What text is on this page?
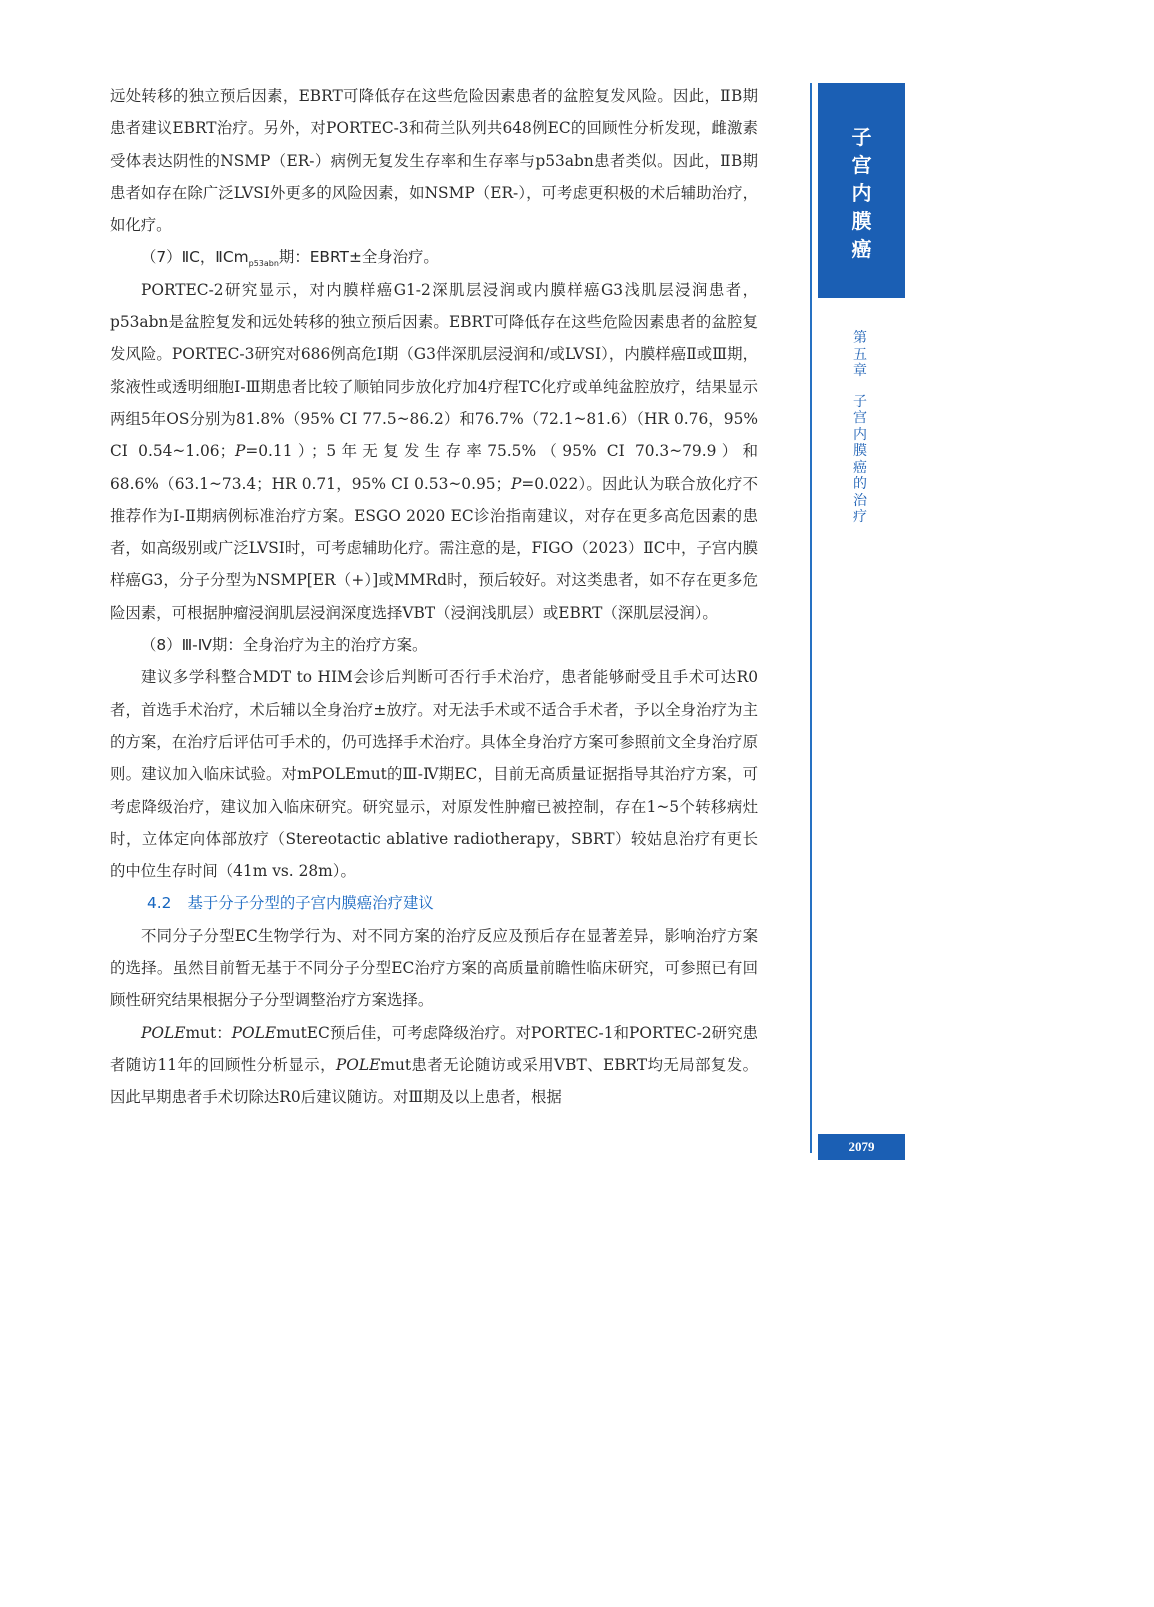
远处转移的独立预后因素，EBRT可降低存在这些危险因素患者的盆腔复发风险。因此，ⅡB期患者建议EBRT治疗。另外，对PORTEC-3和荷兰队列共648例EC的回顾性分析发现，雌激素受体表达阴性的NSMP（ER-）病例无复发生存率和生存率与p53abn患者类似。因此，ⅡB期患者如存在除广泛LVSI外更多的风险因素，如NSMP（ER-），可考虑更积极的术后辅助治疗，如化疗。

（7）ⅡC，$ⅡCm_{p53abn}$期：EBRT±全身治疗。

PORTEC-2研究显示，对内膜样癌G1-2深肌层浸润或内膜样癌G3浅肌层浸润患者，p53abn是盆腔复发和远处转移的独立预后因素。EBRT可降低存在这些危险因素患者的盆腔复发风险。PORTEC-3研究对686例高危Ⅰ期（G3伴深肌层浸润和/或LVSI），内膜样癌Ⅱ或Ⅲ期，浆液性或透明细胞Ⅰ-Ⅲ期患者比较了顺铂同步放化疗加4疗程TC化疗或单纯盆腔放疗，结果显示两组5年OS分别为81.8%（95% CI 77.5~86.2）和76.7%（72.1~81.6）（HR 0.76，95% CI 0.54~1.06；P=0.11）；5年无复发生存率75.5%（95% CI 70.3~79.9）和68.6%（63.1~73.4；HR 0.71，95% CI 0.53~0.95；P=0.022）。因此认为联合放化疗不推荐作为Ⅰ-Ⅱ期病例标准治疗方案。ESGO 2020 EC诊治指南建议，对存在更多高危因素的患者，如高级别或广泛LVSI时，可考虑辅助化疗。需注意的是，FIGO（2023）ⅡC中，子宫内膜样癌G3，分子分型为NSMP[ER（+）]或MMRd时，预后较好。对这类患者，如不存在更多危险因素，可根据肿瘤浸润肌层浸润深度选择VBT（浸润浅肌层）或EBRT（深肌层浸润）。

（8）Ⅲ-Ⅳ期：全身治疗为主的治疗方案。

建议多学科整合MDT to HIM会诊后判断可否行手术治疗，患者能够耐受且手术可达R0者，首选手术治疗，术后辅以全身治疗±放疗。对无法手术或不适合手术者，予以全身治疗为主的方案，在治疗后评估可手术的，仍可选择手术治疗。具体全身治疗方案可参照前文全身治疗原则。建议加入临床试验。对mPOLEmut的Ⅲ-Ⅳ期EC，目前无高质量证据指导其治疗方案，可考虑降级治疗，建议加入临床研究。研究显示，对原发性肿瘤已被控制，存在1~5个转移病灶时，立体定向体部放疗（Stereotactic ablative radiotherapy，SBRT）较姑息治疗有更长的中位生存时间（41m vs. 28m）。

4.2 基于分子分型的子宫内膜癌治疗建议

不同分子分型EC生物学行为、对不同方案的治疗反应及预后存在显著差异，影响治疗方案的选择。虽然目前暂无基于不同分子分型EC治疗方案的高质量前瞻性临床研究，可参照已有回顾性研究结果根据分子分型调整治疗方案选择。

POLEmut：POLEmutEC预后佳，可考虑降级治疗。对PORTEC-1和PORTEC-2研究患者随访11年的回顾性分析显示，POLEmut患者无论随访或采用VBT、EBRT均无局部复发。因此早期患者手术切除达R0后建议随访。对Ⅲ期及以上患者，根据

子
宫
内
膜
癌
第
五
章
子
宫
内
膜
癌
的
治
疗
2079
